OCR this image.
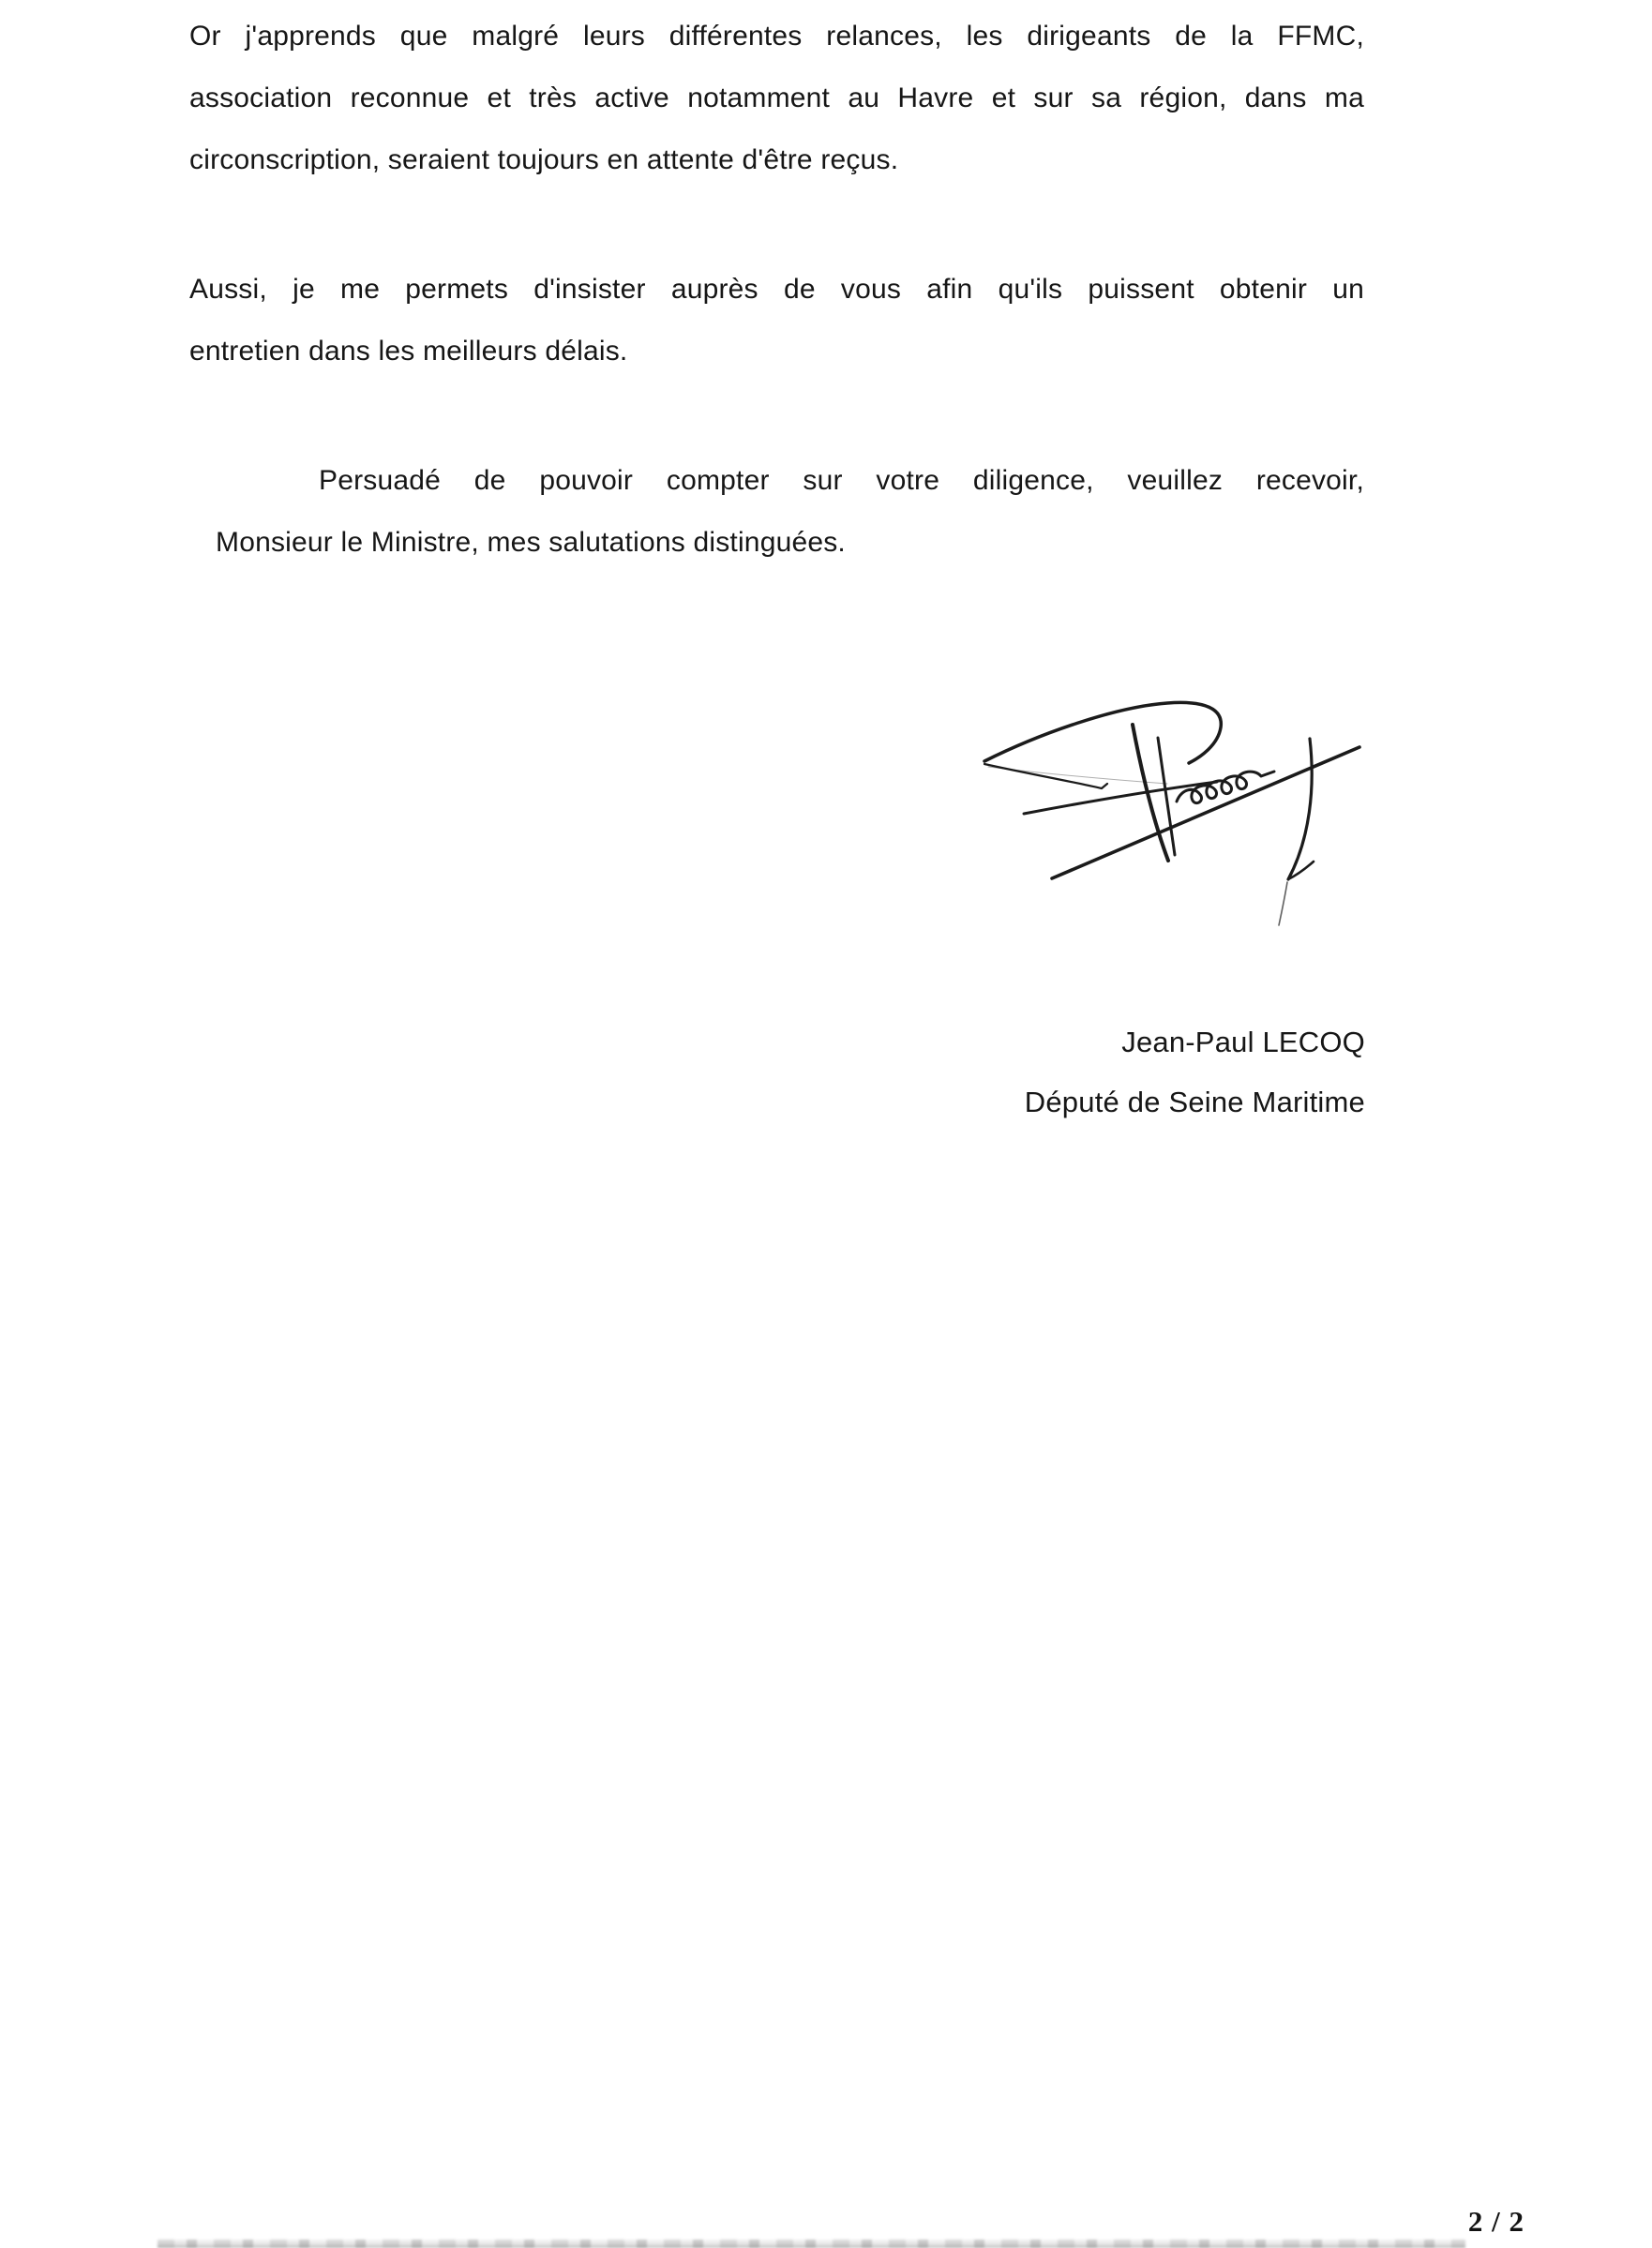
Or j'apprends que malgré leurs différentes relances, les dirigeants de la FFMC,
association reconnue et très active notamment au Havre et sur sa région, dans ma
circonscription, seraient toujours en attente d'être reçus.
Aussi, je me permets d'insister auprès de vous afin qu'ils puissent obtenir un
entretien dans les meilleurs délais.
Persuadé de pouvoir compter sur votre diligence, veuillez recevoir,
Monsieur le Ministre, mes salutations distinguées.
Jean-Paul LECOQ
Député de Seine Maritime
2 / 2
